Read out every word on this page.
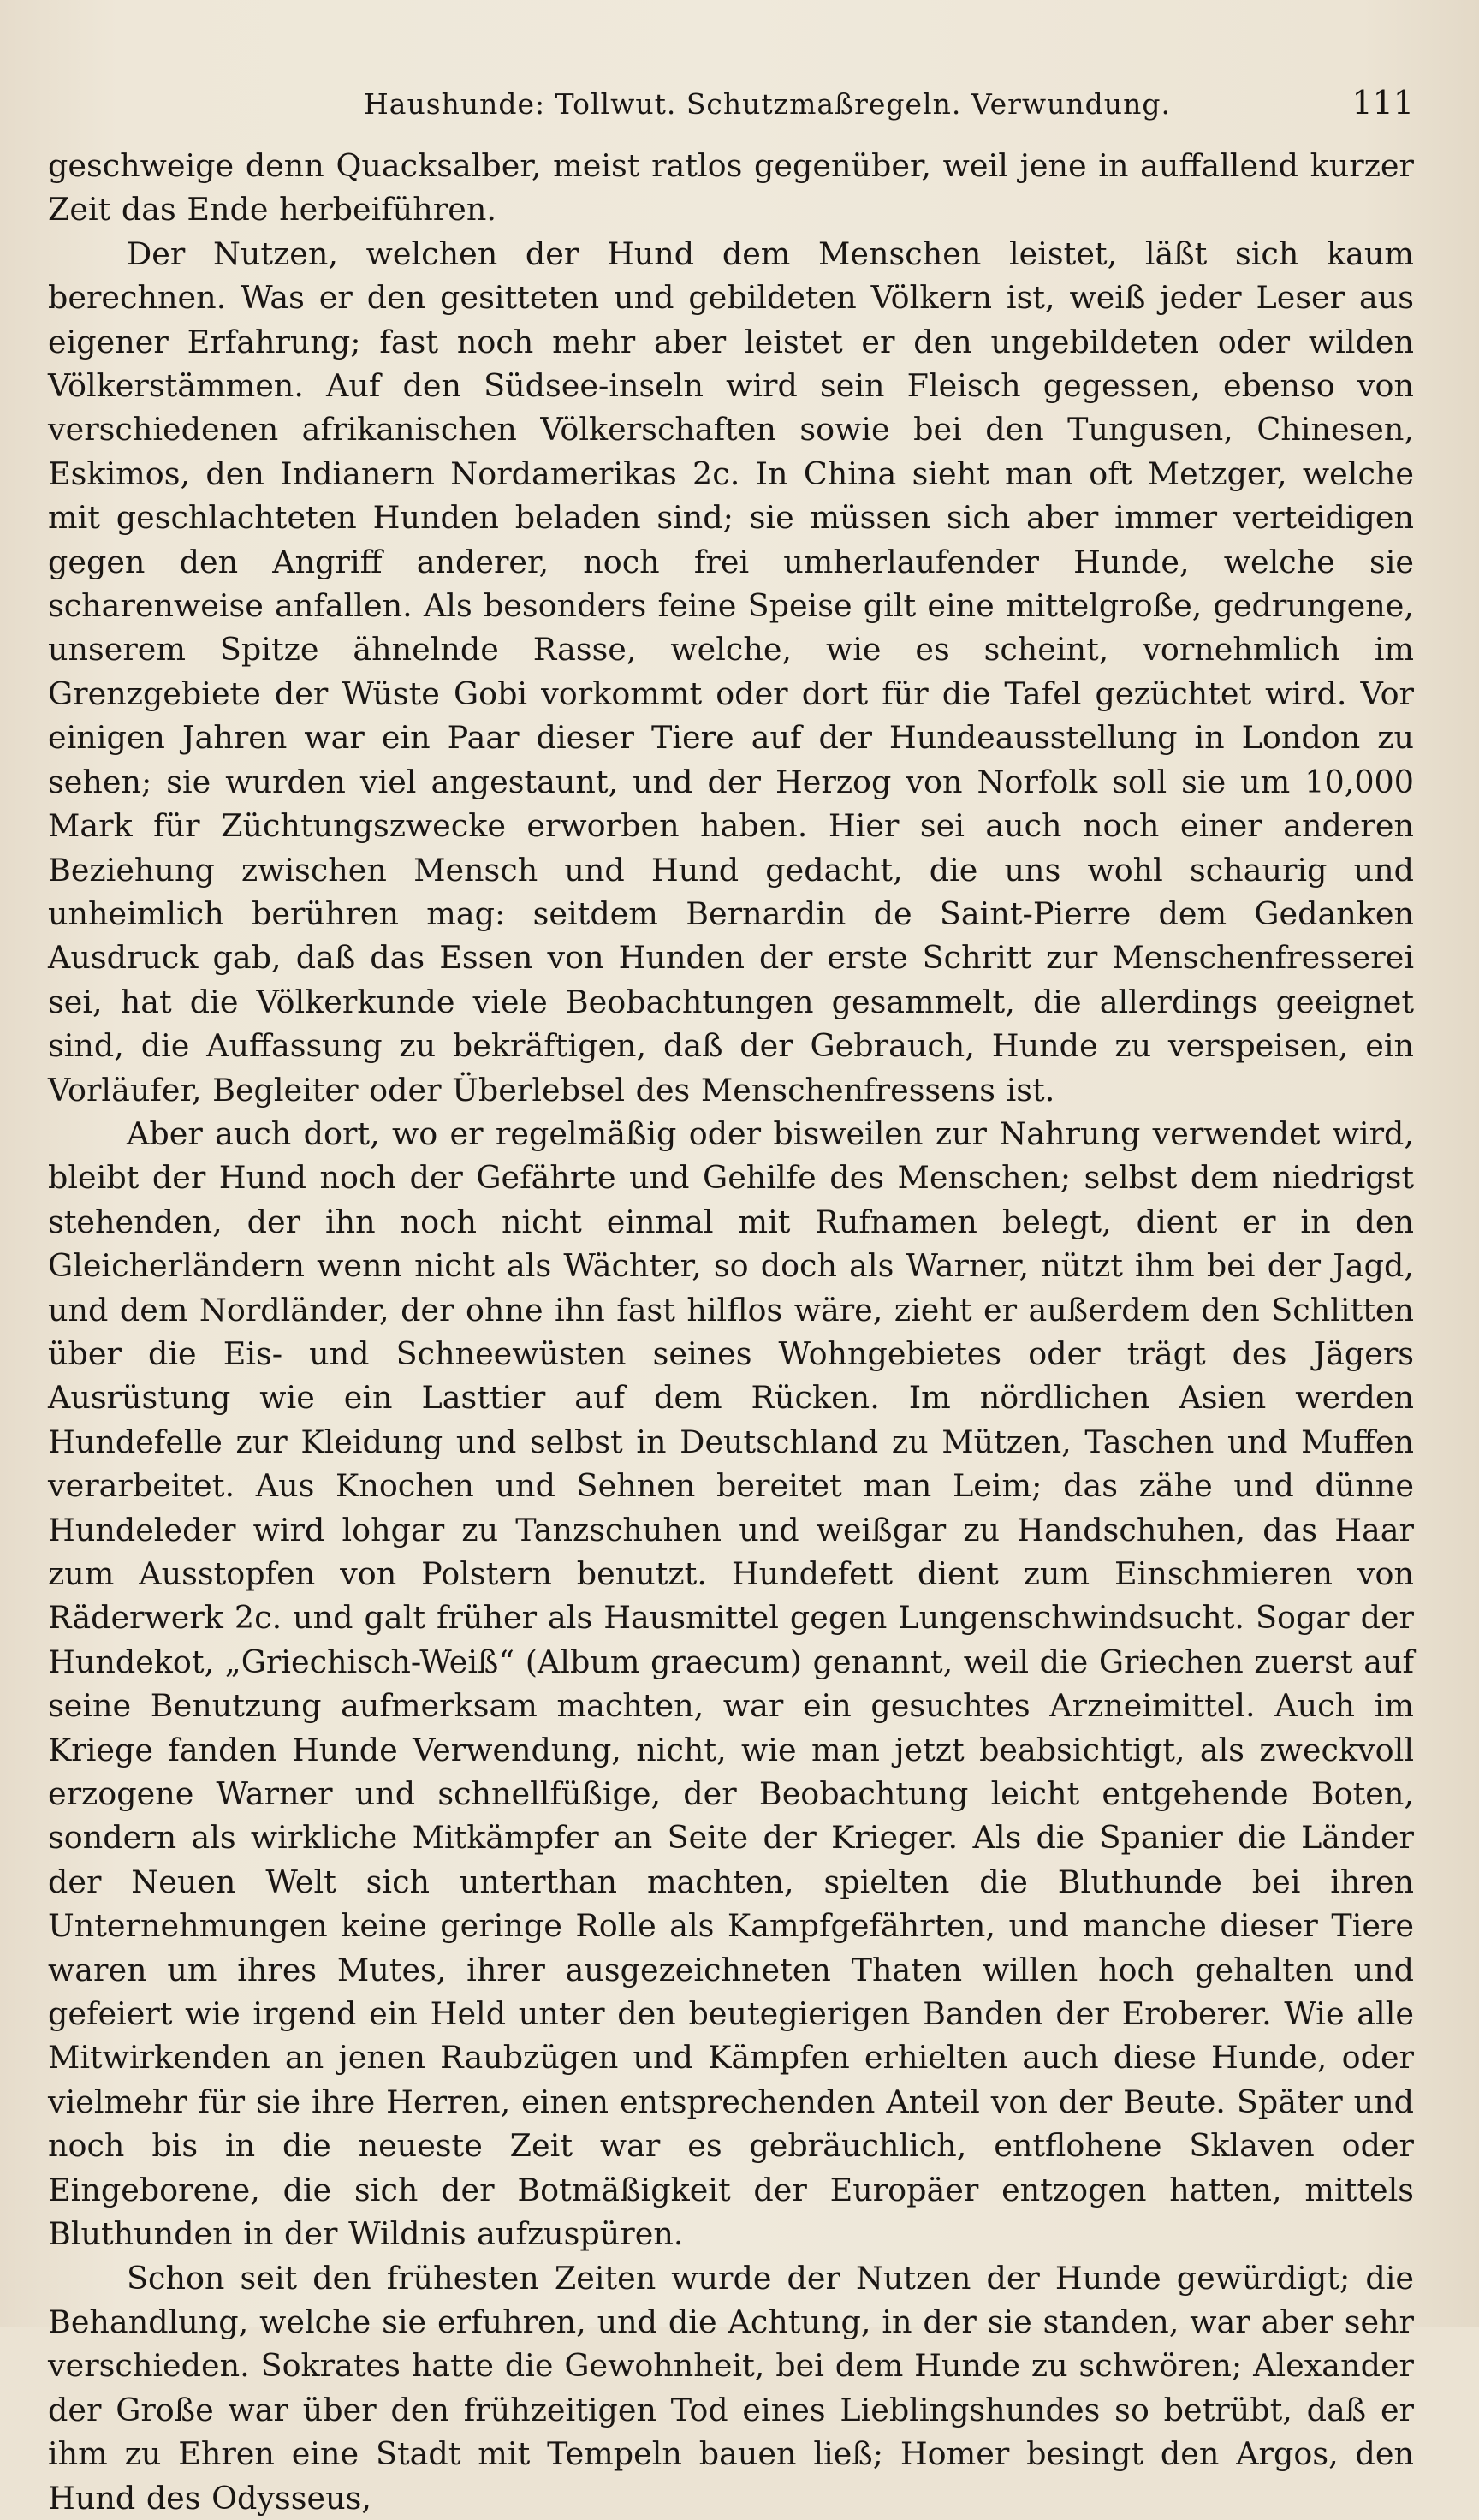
Haushunde: Tollwut. Schutzmaßregeln. Verwundung.	111

geschweige denn Quacksalber, meist ratlos gegenüber, weil jene in auffallend kurzer Zeit das Ende herbeiführen.

Der Nutzen, welchen der Hund dem Menschen leistet, läßt sich kaum berechnen. Was er den gesitteten und gebildeten Völkern ist, weiß jeder Leser aus eigener Erfahrung; fast noch mehr aber leistet er den ungebildeten oder wilden Völkerstämmen. Auf den Südsee-inseln wird sein Fleisch gegessen, ebenso von verschiedenen afrikanischen Völkerschaften sowie bei den Tungusen, Chinesen, Eskimos, den Indianern Nordamerikas 2c. In China sieht man oft Metzger, welche mit geschlachteten Hunden beladen sind; sie müssen sich aber immer verteidigen gegen den Angriff anderer, noch frei umherlaufender Hunde, welche sie scharenweise anfallen. Als besonders feine Speise gilt eine mittelgroße, gedrungene, unserem Spitze ähnelnde Rasse, welche, wie es scheint, vornehmlich im Grenzgebiete der Wüste Gobi vorkommt oder dort für die Tafel gezüchtet wird. Vor einigen Jahren war ein Paar dieser Tiere auf der Hundeausstellung in London zu sehen; sie wurden viel angestaunt, und der Herzog von Norfolk soll sie um 10,000 Mark für Züchtungszwecke erworben haben. Hier sei auch noch einer anderen Beziehung zwischen Mensch und Hund gedacht, die uns wohl schaurig und unheimlich berühren mag: seitdem Bernardin de Saint-Pierre dem Gedanken Ausdruck gab, daß das Essen von Hunden der erste Schritt zur Menschenfresserei sei, hat die Völkerkunde viele Beobachtungen gesammelt, die allerdings geeignet sind, die Auffassung zu bekräftigen, daß der Gebrauch, Hunde zu verspeisen, ein Vorläufer, Begleiter oder Überlebsel des Menschenfressens ist.

Aber auch dort, wo er regelmäßig oder bisweilen zur Nahrung verwendet wird, bleibt der Hund noch der Gefährte und Gehilfe des Menschen; selbst dem niedrigst stehenden, der ihn noch nicht einmal mit Rufnamen belegt, dient er in den Gleicherländern wenn nicht als Wächter, so doch als Warner, nützt ihm bei der Jagd, und dem Nordländer, der ohne ihn fast hilflos wäre, zieht er außerdem den Schlitten über die Eis- und Schneewüsten seines Wohngebietes oder trägt des Jägers Ausrüstung wie ein Lasttier auf dem Rücken. Im nördlichen Asien werden Hundefelle zur Kleidung und selbst in Deutschland zu Mützen, Taschen und Muffen verarbeitet. Aus Knochen und Sehnen bereitet man Leim; das zähe und dünne Hundeleder wird lohgar zu Tanzschuhen und weißgar zu Handschuhen, das Haar zum Ausstopfen von Polstern benutzt. Hundefett dient zum Einschmieren von Räderwerk 2c. und galt früher als Hausmittel gegen Lungenschwindsucht. Sogar der Hundekot, „Griechisch-Weiß“ (Album graecum) genannt, weil die Griechen zuerst auf seine Benutzung aufmerksam machten, war ein gesuchtes Arzneimittel. Auch im Kriege fanden Hunde Verwendung, nicht, wie man jetzt beabsichtigt, als zweckvoll erzogene Warner und schnellfüßige, der Beobachtung leicht entgehende Boten, sondern als wirkliche Mitkämpfer an Seite der Krieger. Als die Spanier die Länder der Neuen Welt sich unterthan machten, spielten die Bluthunde bei ihren Unternehmungen keine geringe Rolle als Kampfgefährten, und manche dieser Tiere waren um ihres Mutes, ihrer ausgezeichneten Thaten willen hoch gehalten und gefeiert wie irgend ein Held unter den beutegierigen Banden der Eroberer. Wie alle Mitwirkenden an jenen Raubzügen und Kämpfen erhielten auch diese Hunde, oder vielmehr für sie ihre Herren, einen entsprechenden Anteil von der Beute. Später und noch bis in die neueste Zeit war es gebräuchlich, entflohene Sklaven oder Eingeborene, die sich der Botmäßigkeit der Europäer entzogen hatten, mittels Bluthunden in der Wildnis aufzuspüren.

Schon seit den frühesten Zeiten wurde der Nutzen der Hunde gewürdigt; die Behandlung, welche sie erfuhren, und die Achtung, in der sie standen, war aber sehr verschieden. Sokrates hatte die Gewohnheit, bei dem Hunde zu schwören; Alexander der Große war über den frühzeitigen Tod eines Lieblingshundes so betrübt, daß er ihm zu Ehren eine Stadt mit Tempeln bauen ließ; Homer besingt den Argos, den Hund des Odysseus,
